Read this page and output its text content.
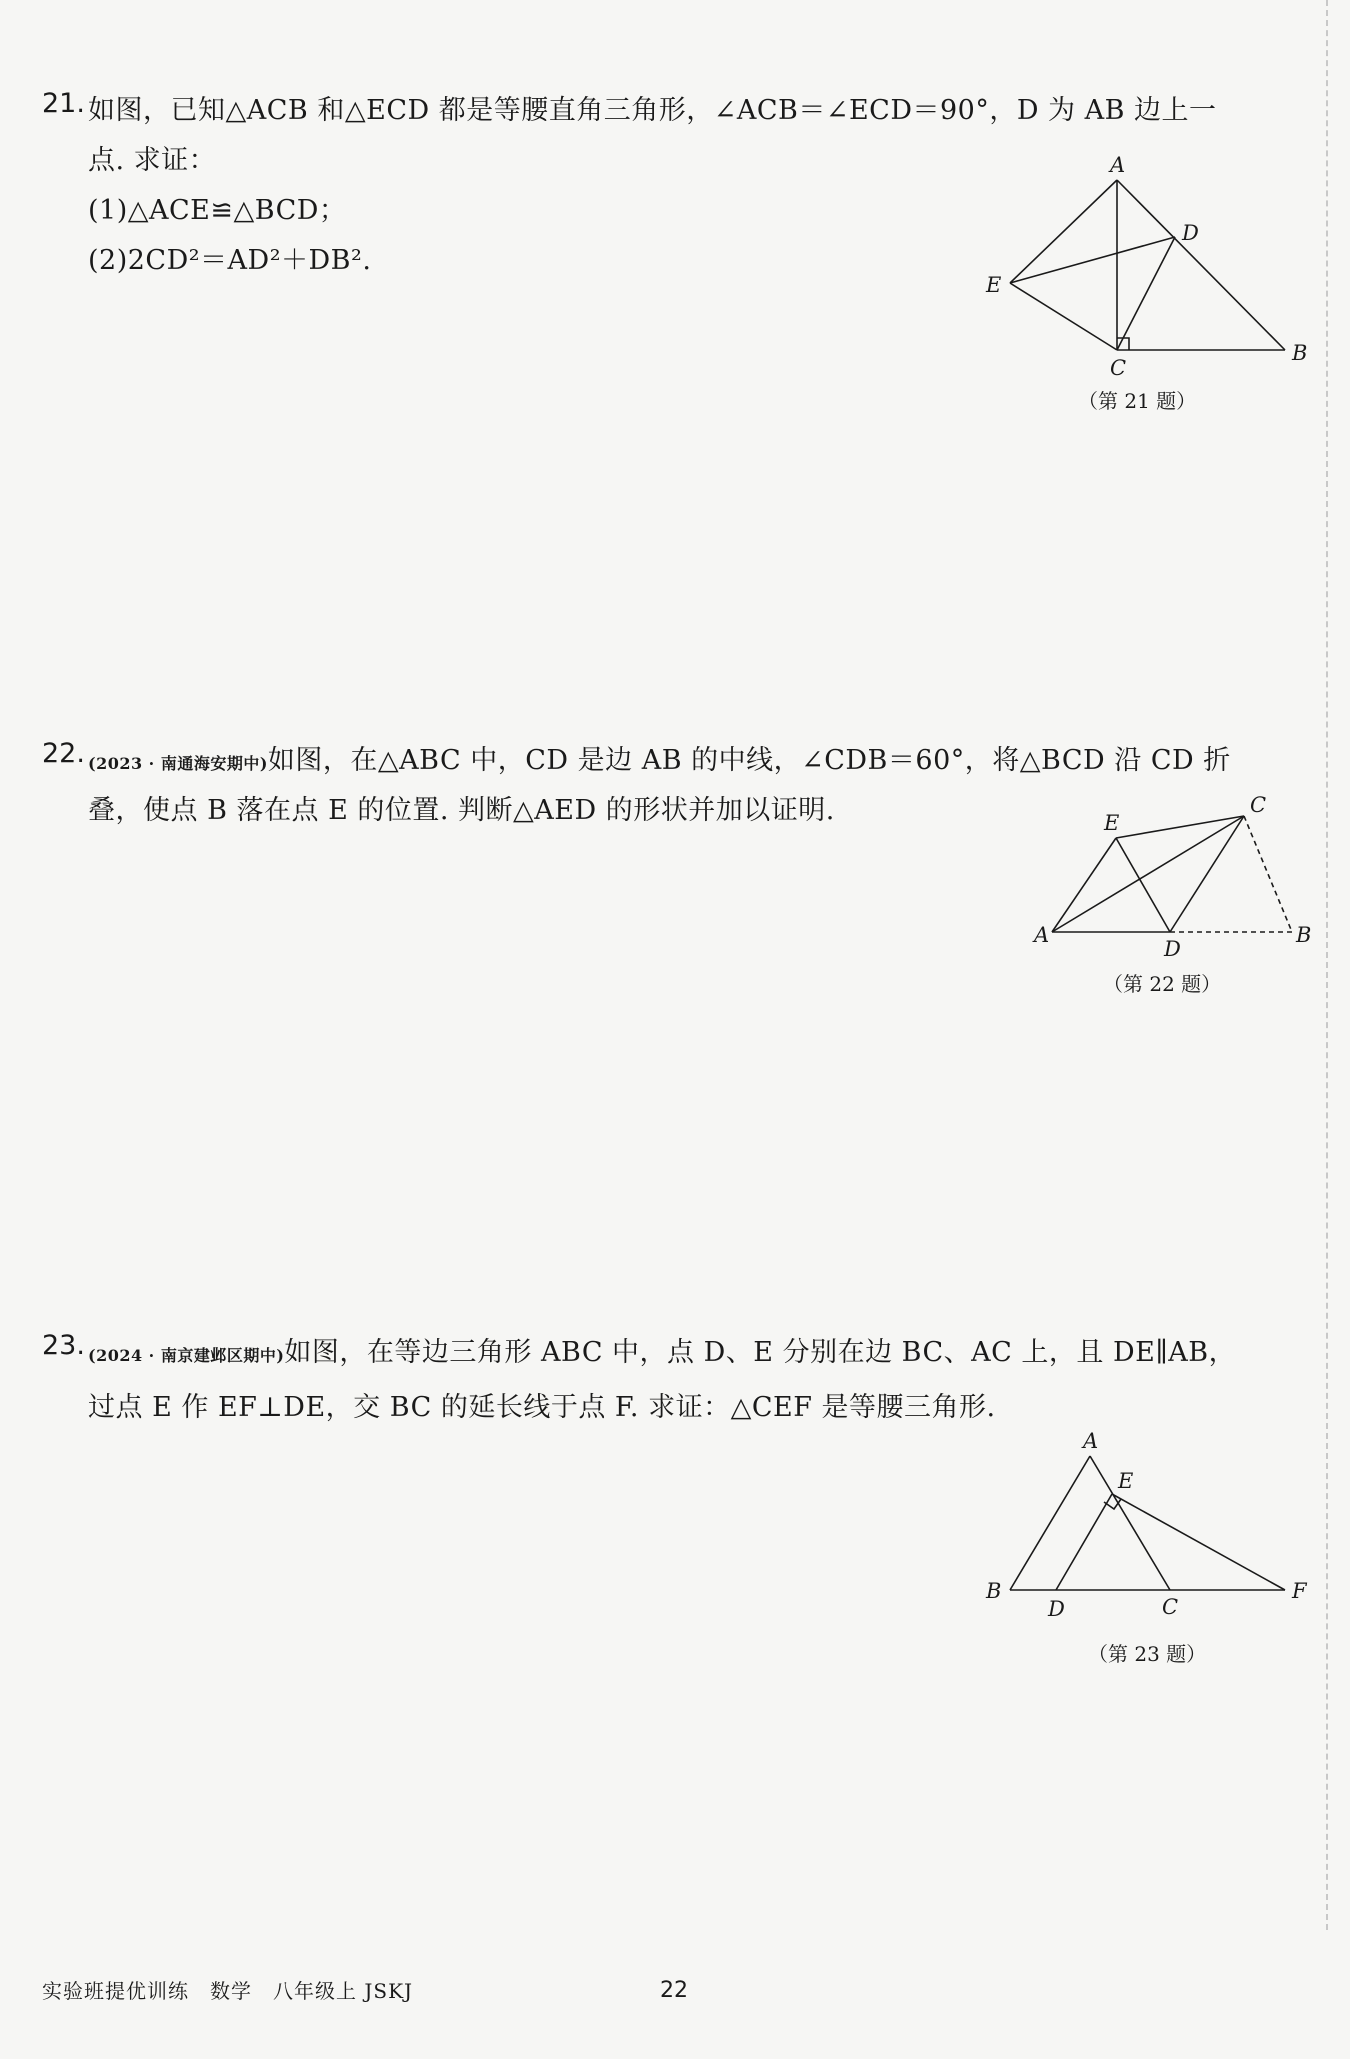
21. 如图，已知△ACB 和△ECD 都是等腰直角三角形，∠ACB＝∠ECD＝90°，D 为 AB 边上一
点. 求证：
(1)△ACE≌△BCD；
(2)2CD²＝AD²＋DB².
A
D
E
C
B
（第 21 题）
22. (2023 · 南通海安期中)如图，在△ABC 中，CD 是边 AB 的中线，∠CDB＝60°，将△BCD 沿 CD 折
叠，使点 B 落在点 E 的位置. 判断△AED 的形状并加以证明.	E
C
A
D
B
（第 22 题）
23. (2024 · 南京建邺区期中)如图，在等边三角形 ABC 中，点 D、E 分别在边 BC、AC 上，且 DE∥AB，
过点 E 作 EF⊥DE，交 BC 的延长线于点 F. 求证：△CEF 是等腰三角形.
A
E
B
D	C
F
（第 23 题）
实验班提优训练　数学　八年级上 JSKJ	22
